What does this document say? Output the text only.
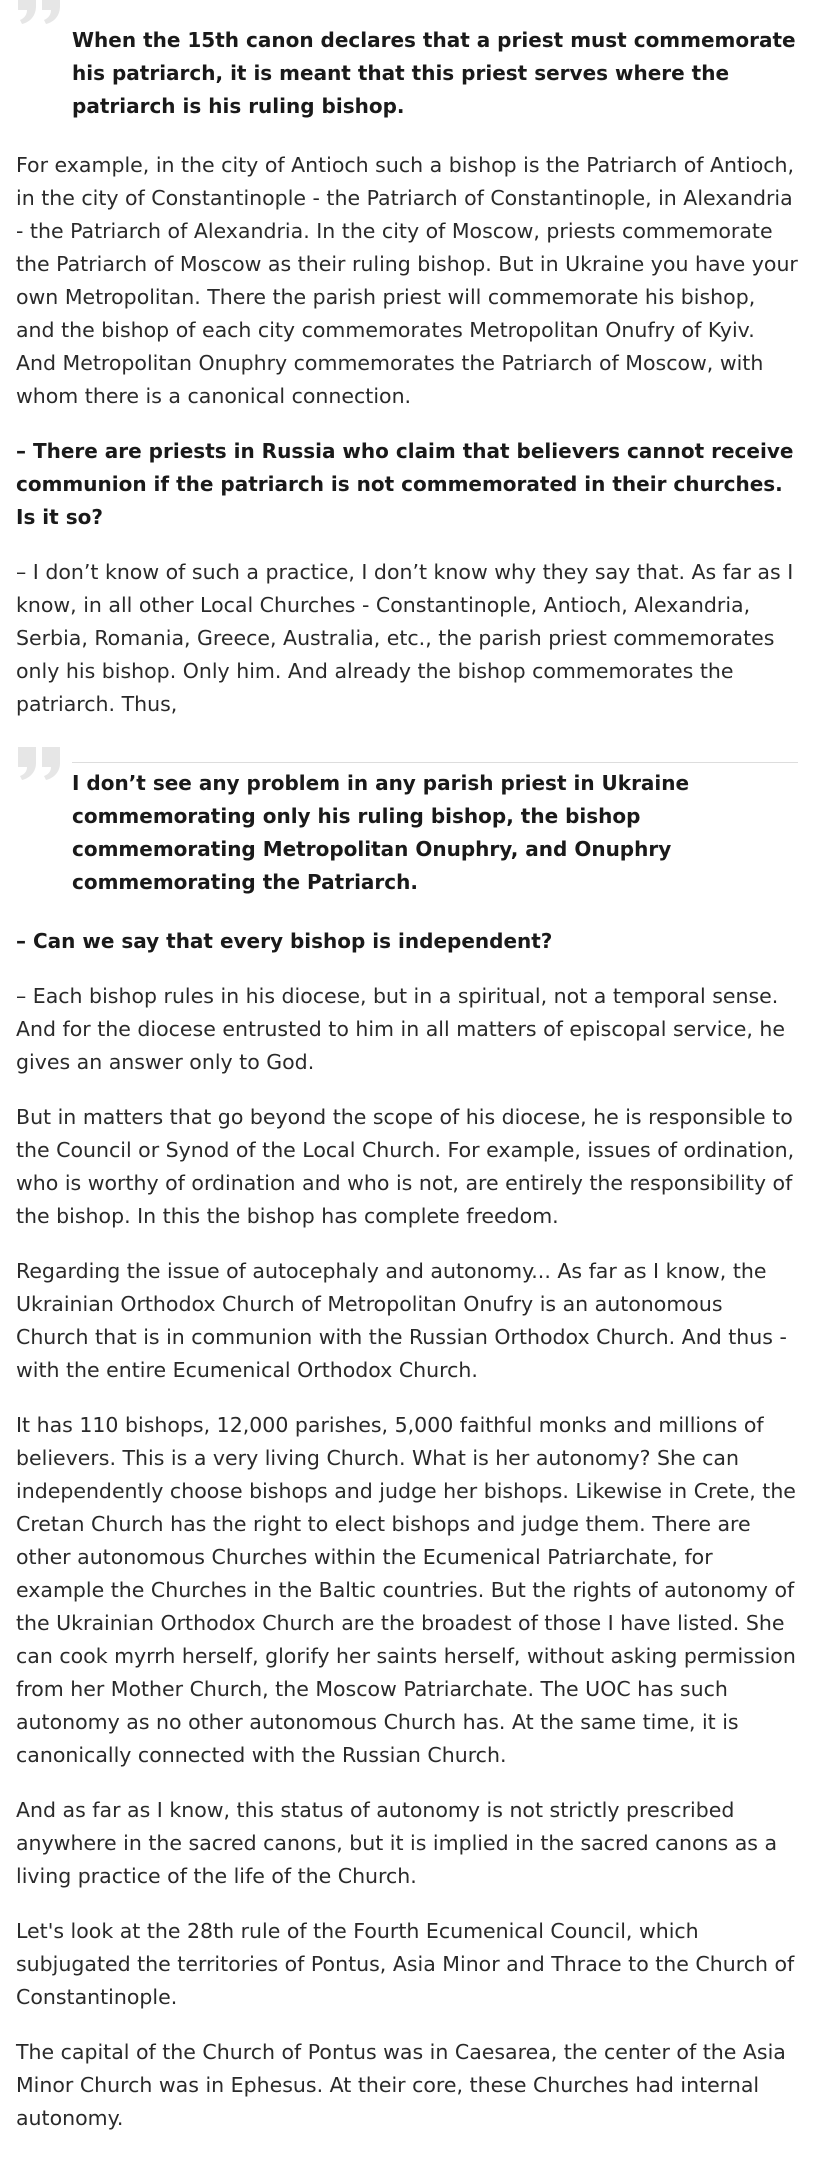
When the 15th canon declares that a priest must commemorate his patriarch, it is meant that this priest serves where the patriarch is his ruling bishop.

For example, in the city of Antioch such a bishop is the Patriarch of Antioch, in the city of Constantinople - the Patriarch of Constantinople, in Alexandria - the Patriarch of Alexandria. In the city of Moscow, priests commemorate the Patriarch of Moscow as their ruling bishop. But in Ukraine you have your own Metropolitan. There the parish priest will commemorate his bishop, and the bishop of each city commemorates Metropolitan Onufry of Kyiv. And Metropolitan Onuphry commemorates the Patriarch of Moscow, with whom there is a canonical connection.

– There are priests in Russia who claim that believers cannot receive communion if the patriarch is not commemorated in their churches. Is it so?

– I don’t know of such a practice, I don’t know why they say that. As far as I know, in all other Local Churches - Constantinople, Antioch, Alexandria, Serbia, Romania, Greece, Australia, etc., the parish priest commemorates only his bishop. Only him. And already the bishop commemorates the patriarch. Thus,

I don’t see any problem in any parish priest in Ukraine commemorating only his ruling bishop, the bishop commemorating Metropolitan Onuphry, and Onuphry commemorating the Patriarch.

– Can we say that every bishop is independent?

– Each bishop rules in his diocese, but in a spiritual, not a temporal sense. And for the diocese entrusted to him in all matters of episcopal service, he gives an answer only to God.

But in matters that go beyond the scope of his diocese, he is responsible to the Council or Synod of the Local Church. For example, issues of ordination, who is worthy of ordination and who is not, are entirely the responsibility of the bishop. In this the bishop has complete freedom.

Regarding the issue of autocephaly and autonomy... As far as I know, the Ukrainian Orthodox Church of Metropolitan Onufry is an autonomous Church that is in communion with the Russian Orthodox Church. And thus - with the entire Ecumenical Orthodox Church.

It has 110 bishops, 12,000 parishes, 5,000 faithful monks and millions of believers. This is a very living Church. What is her autonomy? She can independently choose bishops and judge her bishops. Likewise in Crete, the Cretan Church has the right to elect bishops and judge them. There are other autonomous Churches within the Ecumenical Patriarchate, for example the Churches in the Baltic countries. But the rights of autonomy of the Ukrainian Orthodox Church are the broadest of those I have listed. She can cook myrrh herself, glorify her saints herself, without asking permission from her Mother Church, the Moscow Patriarchate. The UOC has such autonomy as no other autonomous Church has. At the same time, it is canonically connected with the Russian Church.

And as far as I know, this status of autonomy is not strictly prescribed anywhere in the sacred canons, but it is implied in the sacred canons as a living practice of the life of the Church.

Let's look at the 28th rule of the Fourth Ecumenical Council, which subjugated the territories of Pontus, Asia Minor and Thrace to the Church of Constantinople.

The capital of the Church of Pontus was in Caesarea, the center of the Asia Minor Church was in Ephesus. At their core, these Churches had internal autonomy.
